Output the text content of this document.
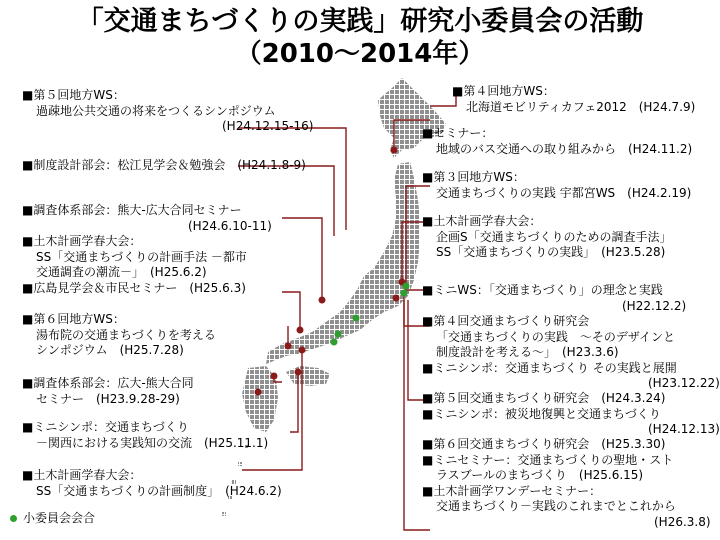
「交通まちづくりの実践」研究小委員会の活動
（2010〜2014年）
■第５回地方WS：
過疎地公共交通の将来をつくるシンポジウム
(H24.12.15-16)
■制度設計部会：松江見学会＆勉強会　(H24.1.8-9)
■調査体系部会：熊大-広大合同セミナー
(H24.6.10-11)
■土木計画学春大会：
SS「交通まちづくりの計画手法 －都市
交通調査の潮流－」　(H25.6.2)
■広島見学会＆市民セミナー　(H25.6.3)
■第６回地方WS：
湯布院の交通まちづくりを考える
シンポジウム　(H25.7.28)
■調査体系部会：広大-熊大合同
セミナー　(H23.9.28-29)
■ミニシンポ：交通まちづくり
－関西における実践知の交流　(H25.11.1)
■土木計画学春大会：
SS「交通まちづくりの計画制度」　(H24.6.2)
■第４回地方WS：
北海道モビリティカフェ2012　(H24.7.9)
■セミナー：
地域のバス交通への取り組みから　(H24.11.2)
■第３回地方WS：
交通まちづくりの実践 宇都宮WS　(H24.2.19)
■土木計画学春大会：
企画S「交通まちづくりのための調査手法」
SS「交通まちづくりの実践」　(H23.5.28)
■ミニWS：「交通まちづくり」の理念と実践
(H22.12.2)
■第４回交通まちづくり研究会
「交通まちづくりの実践　〜そのデザインと
制度設計を考える〜」　(H23.3.6)
■ミニシンポ：交通まちづくり その実践と展開
(H23.12.22)
■第５回交通まちづくり研究会　(H24.3.24)
■ミニシンポ：被災地復興と交通まちづくり
(H24.12.13)
■第６回交通まちづくり研究会　(H25.3.30)
■ミニセミナー：交通まちづくりの聖地・スト
ラスブールのまちづくり　(H25.6.15)
■土木計画学ワンデーセミナー：
交通まちづくり－実践のこれまでとこれから
(H26.3.8)
小委員会会合
